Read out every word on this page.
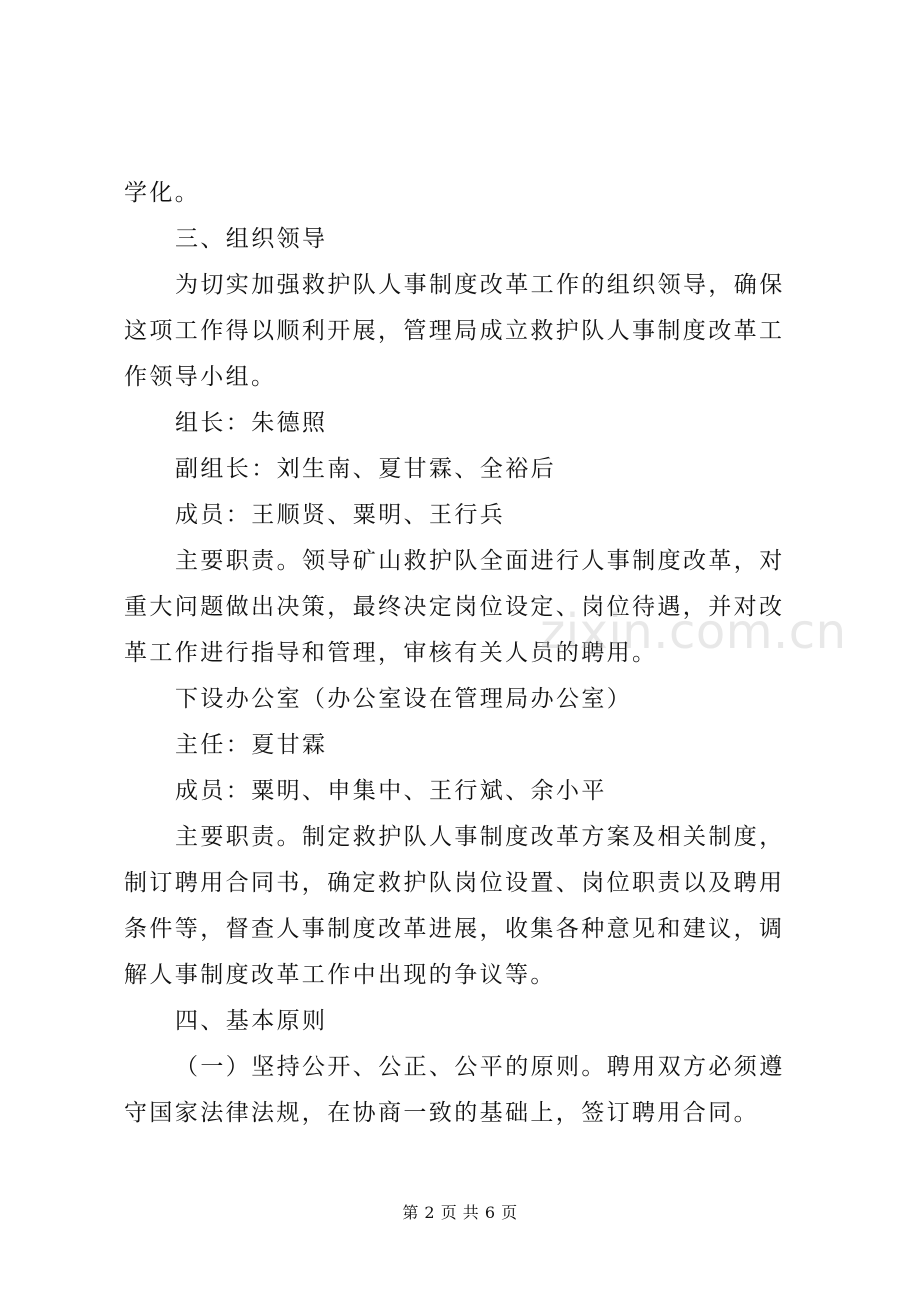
学化。

三、组织领导

为切实加强救护队人事制度改革工作的组织领导，确保这项工作得以顺利开展，管理局成立救护队人事制度改革工作领导小组。

组长：朱德照

副组长：刘生南、夏甘霖、全裕后

成员：王顺贤、粟明、王行兵

主要职责。领导矿山救护队全面进行人事制度改革，对重大问题做出决策，最终决定岗位设定、岗位待遇，并对改革工作进行指导和管理，审核有关人员的聘用。

下设办公室（办公室设在管理局办公室）

主任：夏甘霖

成员：粟明、申集中、王行斌、余小平

主要职责。制定救护队人事制度改革方案及相关制度，制订聘用合同书，确定救护队岗位设置、岗位职责以及聘用条件等，督查人事制度改革进展，收集各种意见和建议，调解人事制度改革工作中出现的争议等。

四、基本原则

（一）坚持公开、公正、公平的原则。聘用双方必须遵守国家法律法规，在协商一致的基础上，签订聘用合同。

zixin.com.cn
第 2 页 共 6 页
